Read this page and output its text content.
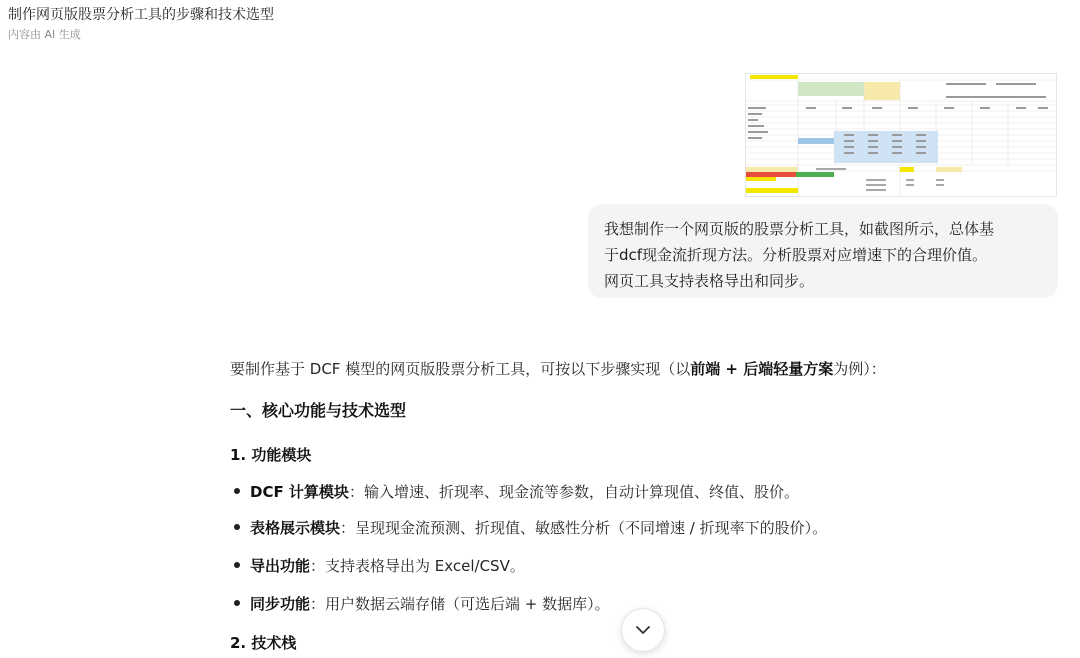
制作网页版股票分析工具的步骤和技术选型
内容由 AI 生成
我想制作一个网页版的股票分析工具，如截图所示，总体基
于dcf现金流折现方法。分析股票对应增速下的合理价值。
网页工具支持表格导出和同步。
要制作基于 DCF 模型的网页版股票分析工具，可按以下步骤实现（以前端 + 后端轻量方案为例）：
一、核心功能与技术选型
1. 功能模块
DCF 计算模块：输入增速、折现率、现金流等参数，自动计算现值、终值、股价。
表格展示模块：呈现现金流预测、折现值、敏感性分析（不同增速 / 折现率下的股价）。
导出功能：支持表格导出为 Excel/CSV。
同步功能：用户数据云端存储（可选后端 + 数据库）。
2. 技术栈
